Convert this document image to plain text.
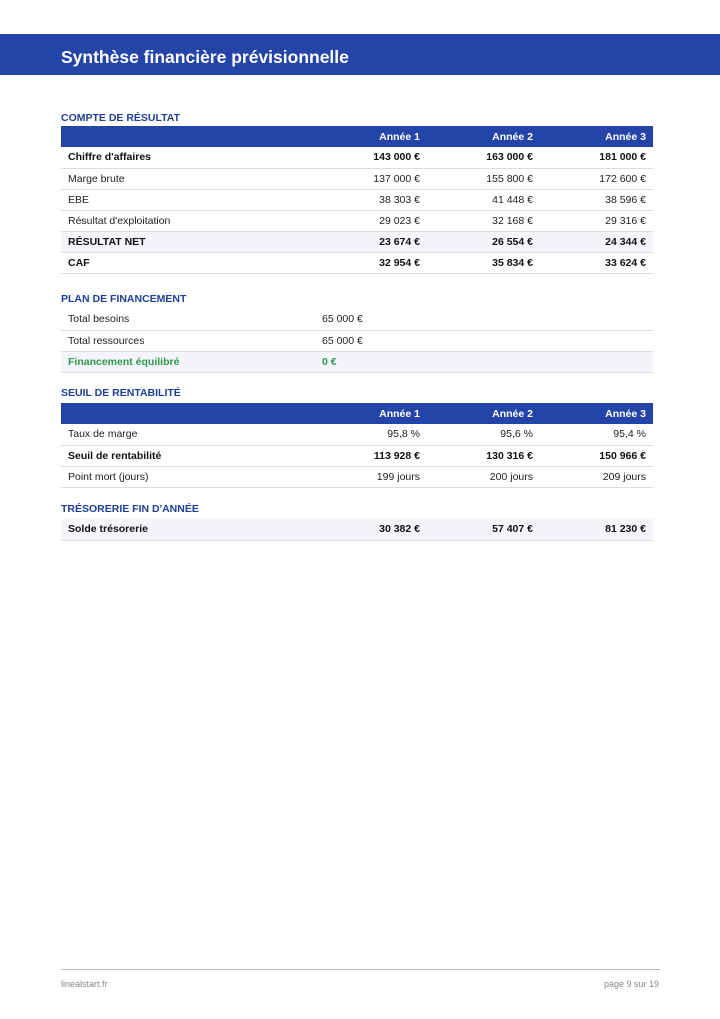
Synthèse financière prévisionnelle
COMPTE DE RÉSULTAT
	Année 1	Année 2	Année 3
Chiffre d'affaires	143 000 €	163 000 €	181 000 €
Marge brute	137 000 €	155 800 €	172 600 €
EBE	38 303 €	41 448 €	38 596 €
Résultat d'exploitation	29 023 €	32 168 €	29 316 €
RÉSULTAT NET	23 674 €	26 554 €	24 344 €
CAF	32 954 €	35 834 €	33 624 €
PLAN DE FINANCEMENT
Total besoins	65 000 €
Total ressources	65 000 €
Financement équilibré	0 €
SEUIL DE RENTABILITÉ
	Année 1	Année 2	Année 3
Taux de marge	95,8 %	95,6 %	95,4 %
Seuil de rentabilité	113 928 €	130 316 €	150 966 €
Point mort (jours)	199 jours	200 jours	209 jours
TRÉSORERIE FIN D'ANNÉE
Solde trésorerie	30 382 €	57 407 €	81 230 €
linealstart.fr	page 9 sur 19
